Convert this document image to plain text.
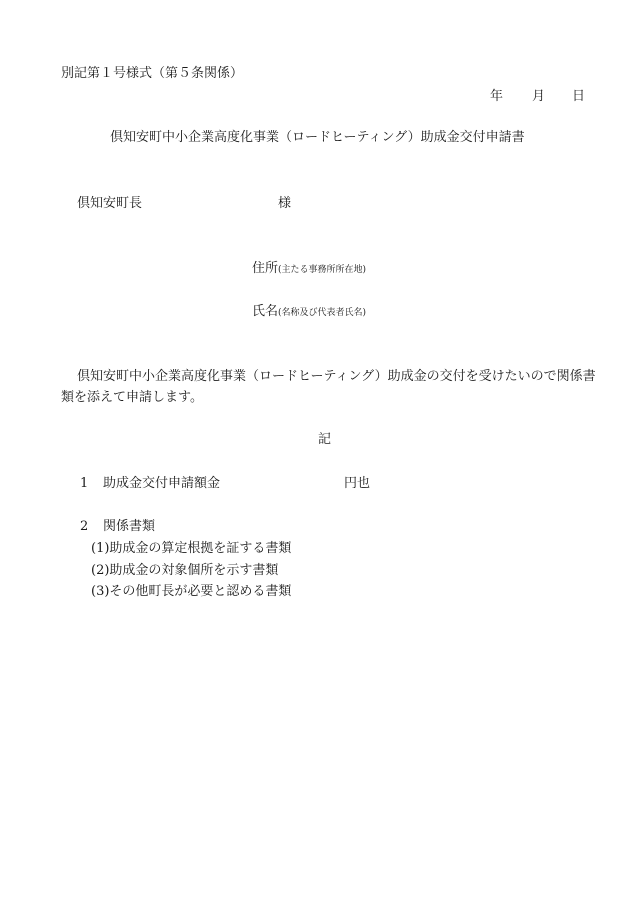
別記第１号様式（第５条関係）
年 月 日
倶知安町中小企業高度化事業（ロードヒーティング）助成金交付申請書
倶知安町長	様
住所(主たる事務所所在地)
氏名(名称及び代表者氏名)
倶知安町中小企業高度化事業（ロードヒーティング）助成金の交付を受けたいので関係書類を添えて申請します。
記
1 助成金交付申請額金	円也
2 関係書類
(1)助成金の算定根拠を証する書類
(2)助成金の対象個所を示す書類
(3)その他町長が必要と認める書類
